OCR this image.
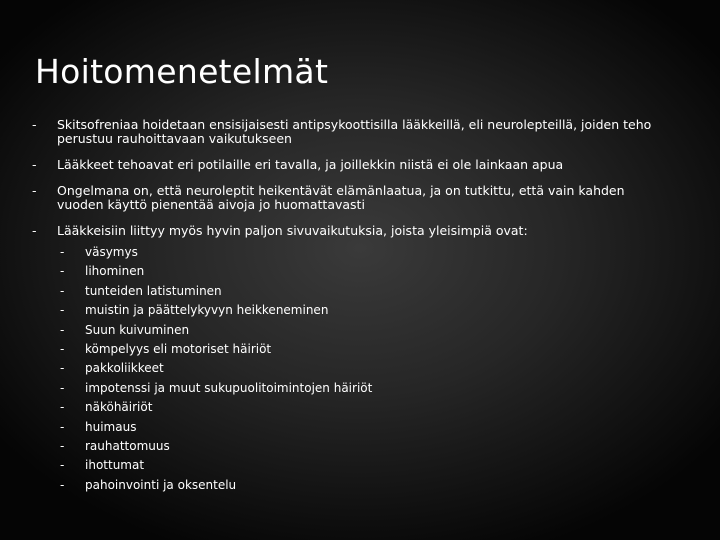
Hoitomenetelmät
- Skitsofreniaa hoidetaan ensisijaisesti antipsykoottisilla lääkkeillä, eli neurolepteillä, joiden teho perustuu rauhoittavaan vaikutukseen
- Lääkkeet tehoavat eri potilaille eri tavalla, ja joillekkin niistä ei ole lainkaan apua
- Ongelmana on, että neuroleptit heikentävät elämänlaatua, ja on tutkittu, että vain kahden vuoden käyttö pienentää aivoja jo huomattavasti
- Lääkkeisiin liittyy myös hyvin paljon sivuvaikutuksia, joista yleisimpiä ovat:
- väsymys
- lihominen
- tunteiden latistuminen
- muistin ja päättelykyvyn heikkeneminen
- Suun kuivuminen
- kömpelyys eli motoriset häiriöt
- pakkoliikkeet
- impotenssi ja muut sukupuolitoimintojen häiriöt
- näköhäiriöt
- huimaus
- rauhattomuus
- ihottumat
- pahoinvointi ja oksentelu
